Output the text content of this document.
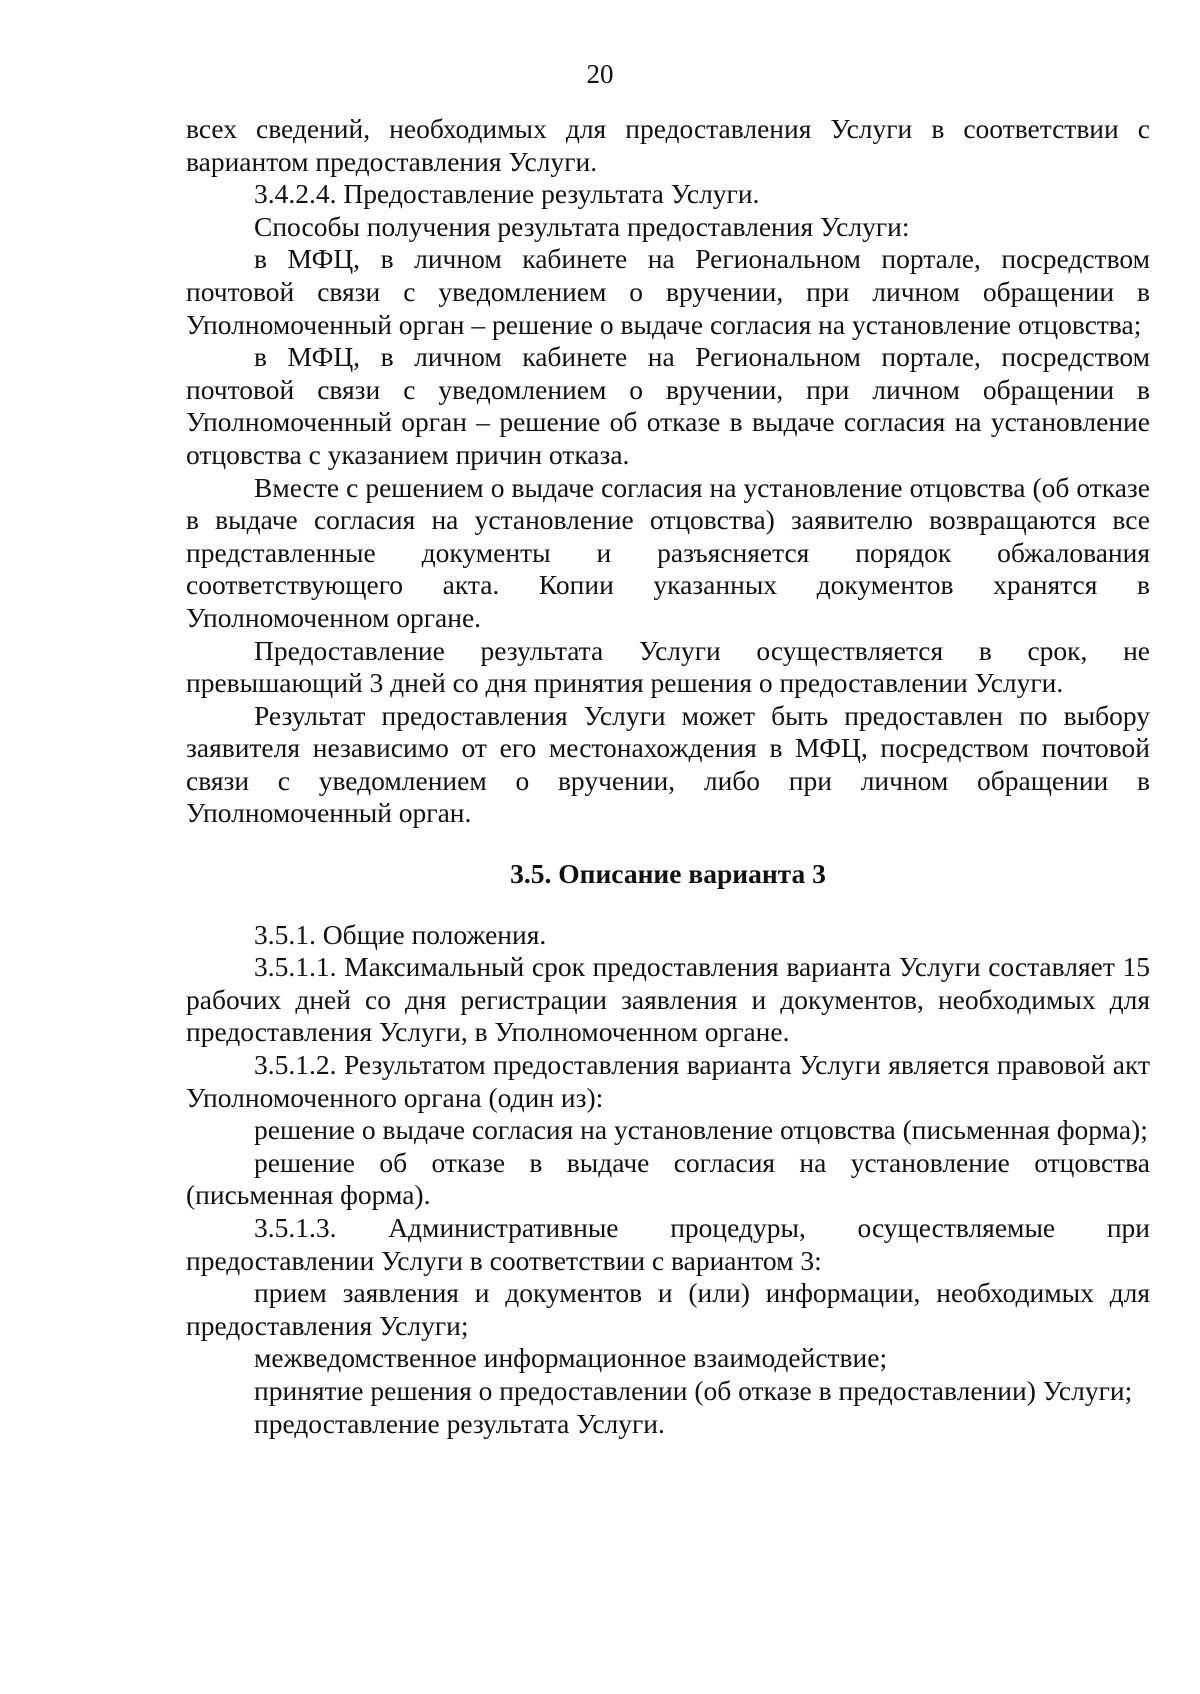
20

всех сведений, необходимых для предоставления Услуги в соответствии с вариантом предоставления Услуги.

3.4.2.4. Предоставление результата Услуги.

Способы получения результата предоставления Услуги:

в МФЦ, в личном кабинете на Региональном портале, посредством почтовой связи с уведомлением о вручении, при личном обращении в Уполномоченный орган – решение о выдаче согласия на установление отцовства;

в МФЦ, в личном кабинете на Региональном портале, посредством почтовой связи с уведомлением о вручении, при личном обращении в Уполномоченный орган – решение об отказе в выдаче согласия на установление отцовства с указанием причин отказа.

Вместе с решением о выдаче согласия на установление отцовства (об отказе в выдаче согласия на установление отцовства) заявителю возвращаются все представленные документы и разъясняется порядок обжалования соответствующего акта. Копии указанных документов хранятся в Уполномоченном органе.

Предоставление результата Услуги осуществляется в срок, не превышающий 3 дней со дня принятия решения о предоставлении Услуги.

Результат предоставления Услуги может быть предоставлен по выбору заявителя независимо от его местонахождения в МФЦ, посредством почтовой связи с уведомлением о вручении, либо при личном обращении в Уполномоченный орган.

3.5. Описание варианта 3

3.5.1. Общие положения.

3.5.1.1. Максимальный срок предоставления варианта Услуги составляет 15 рабочих дней со дня регистрации заявления и документов, необходимых для предоставления Услуги, в Уполномоченном органе.

3.5.1.2. Результатом предоставления варианта Услуги является правовой акт Уполномоченного органа (один из):

решение о выдаче согласия на установление отцовства (письменная форма);

решение об отказе в выдаче согласия на установление отцовства (письменная форма).

3.5.1.3. Административные процедуры, осуществляемые при предоставлении Услуги в соответствии с вариантом 3:

прием заявления и документов и (или) информации, необходимых для предоставления Услуги;

межведомственное информационное взаимодействие;

принятие решения о предоставлении (об отказе в предоставлении) Услуги;

предоставление результата Услуги.
